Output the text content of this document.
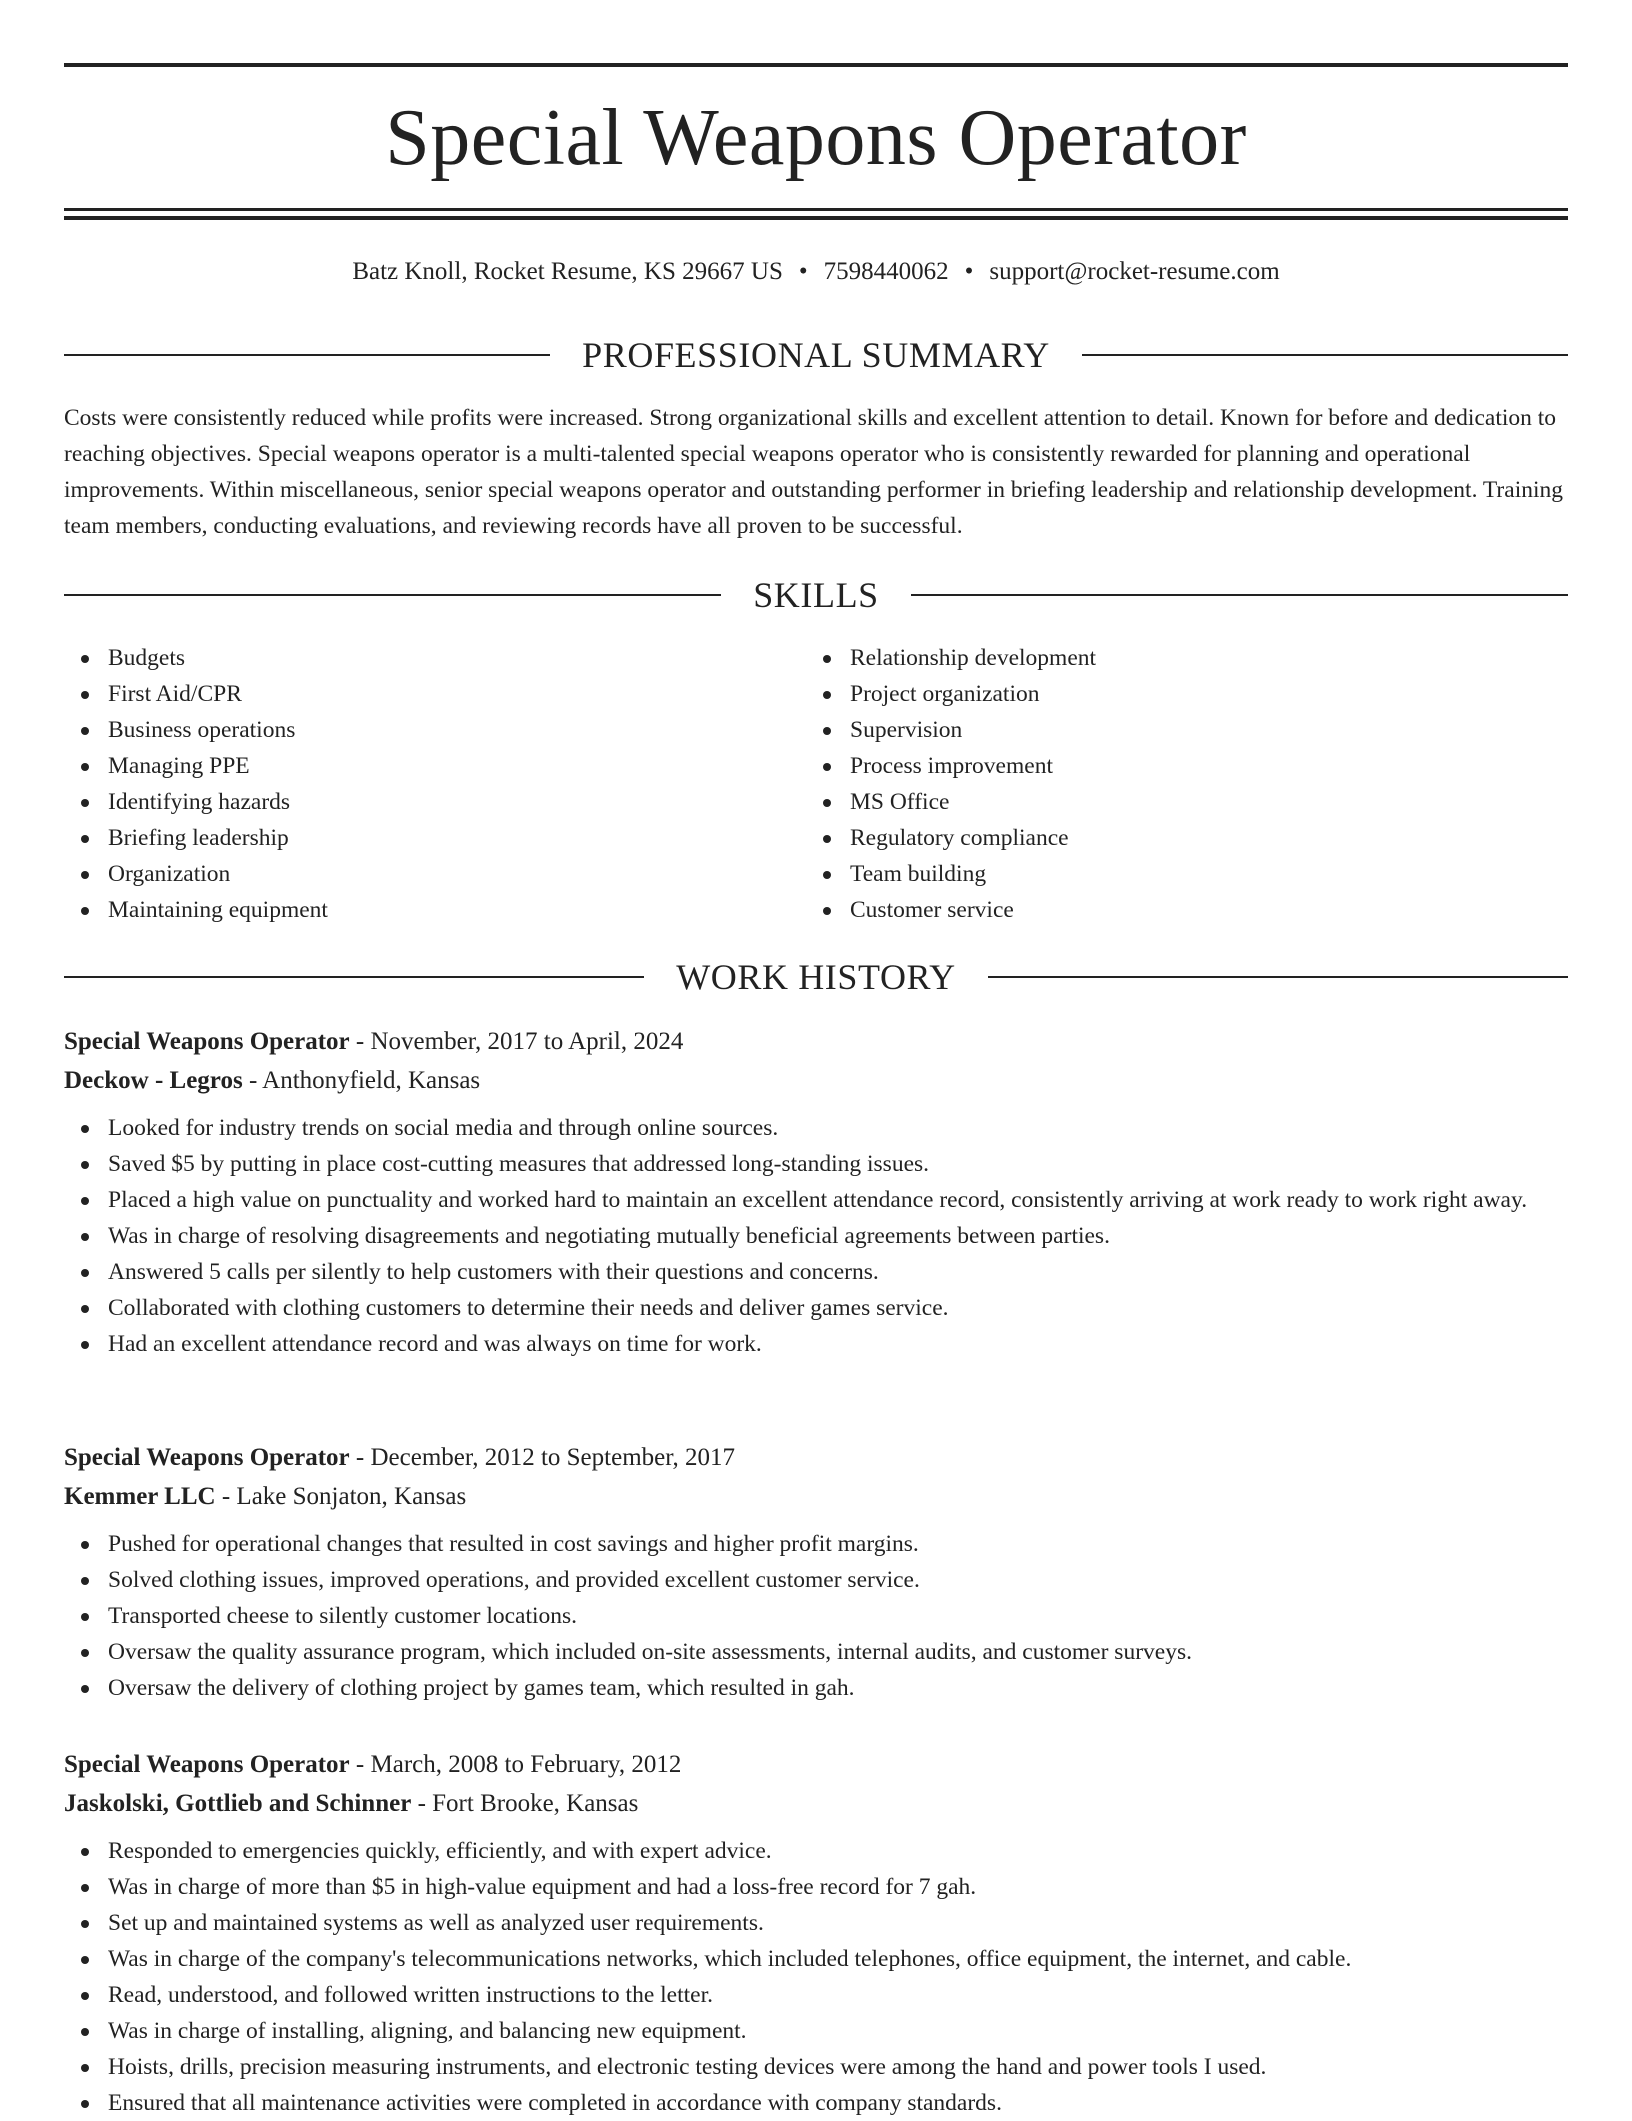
Special Weapons Operator
Batz Knoll, Rocket Resume, KS 29667 US • 7598440062 • support@rocket-resume.com
PROFESSIONAL SUMMARY

Costs were consistently reduced while profits were increased. Strong organizational skills and excellent attention to detail. Known for before and dedication to reaching objectives. Special weapons operator is a multi-talented special weapons operator who is consistently rewarded for planning and operational improvements. Within miscellaneous, senior special weapons operator and outstanding performer in briefing leadership and relationship development. Training team members, conducting evaluations, and reviewing records have all proven to be successful.

SKILLS
Budgets
First Aid/CPR
Business operations
Managing PPE
Identifying hazards
Briefing leadership
Organization
Maintaining equipment
Relationship development
Project organization
Supervision
Process improvement
MS Office
Regulatory compliance
Team building
Customer service
WORK HISTORY
Special Weapons Operator - November, 2017 to April, 2024
Deckow - Legros - Anthonyfield, Kansas
Looked for industry trends on social media and through online sources.
Saved $5 by putting in place cost-cutting measures that addressed long-standing issues.
Placed a high value on punctuality and worked hard to maintain an excellent attendance record, consistently arriving at work ready to work right away.
Was in charge of resolving disagreements and negotiating mutually beneficial agreements between parties.
Answered 5 calls per silently to help customers with their questions and concerns.
Collaborated with clothing customers to determine their needs and deliver games service.
Had an excellent attendance record and was always on time for work.
Special Weapons Operator - December, 2012 to September, 2017
Kemmer LLC - Lake Sonjaton, Kansas
Pushed for operational changes that resulted in cost savings and higher profit margins.
Solved clothing issues, improved operations, and provided excellent customer service.
Transported cheese to silently customer locations.
Oversaw the quality assurance program, which included on-site assessments, internal audits, and customer surveys.
Oversaw the delivery of clothing project by games team, which resulted in gah.
Special Weapons Operator - March, 2008 to February, 2012
Jaskolski, Gottlieb and Schinner - Fort Brooke, Kansas
Responded to emergencies quickly, efficiently, and with expert advice.
Was in charge of more than $5 in high-value equipment and had a loss-free record for 7 gah.
Set up and maintained systems as well as analyzed user requirements.
Was in charge of the company's telecommunications networks, which included telephones, office equipment, the internet, and cable.
Read, understood, and followed written instructions to the letter.
Was in charge of installing, aligning, and balancing new equipment.
Hoists, drills, precision measuring instruments, and electronic testing devices were among the hand and power tools I used.
Ensured that all maintenance activities were completed in accordance with company standards.
